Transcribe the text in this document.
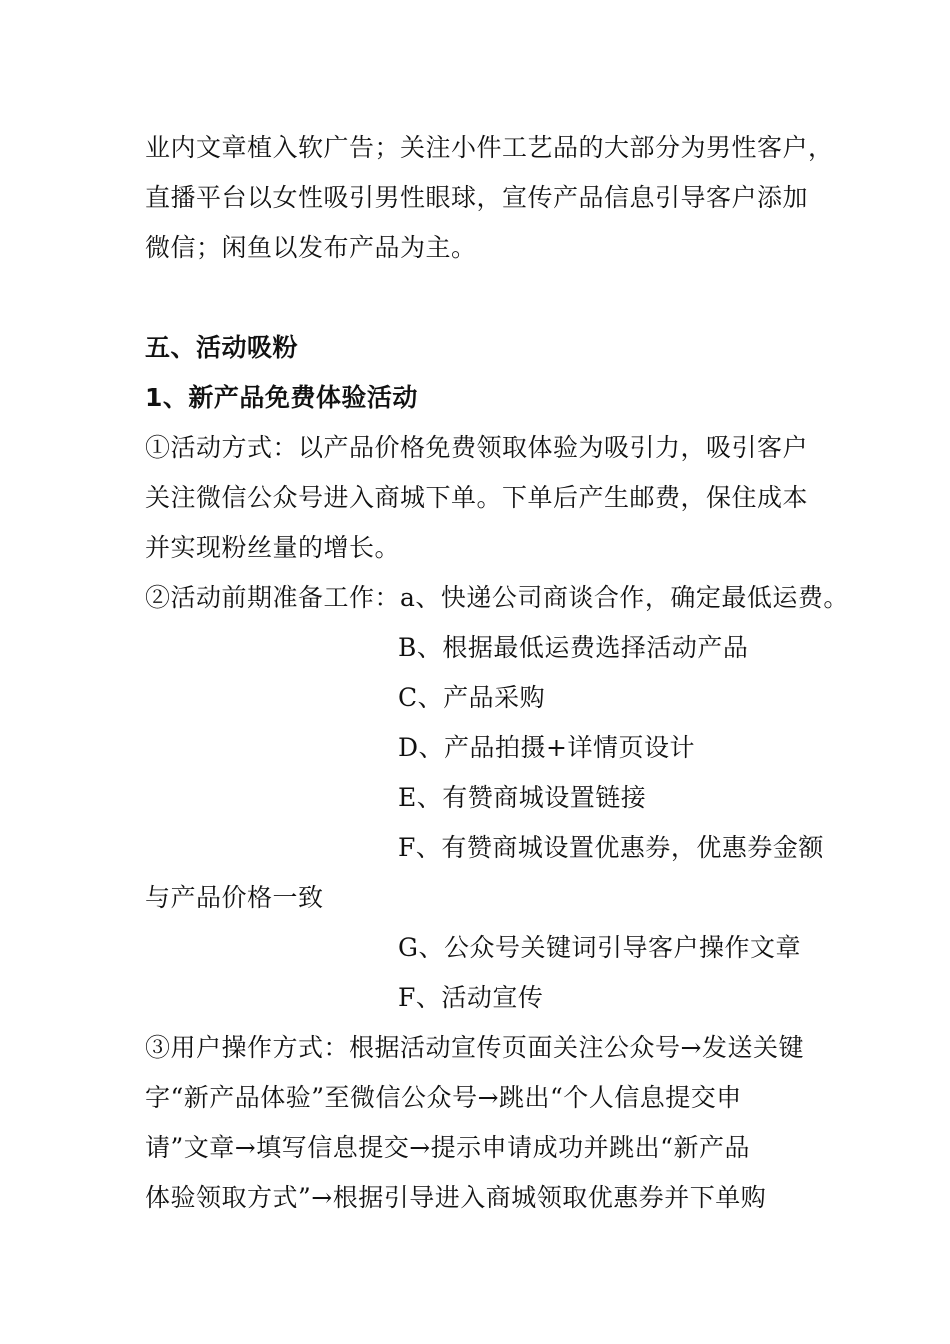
业内文章植入软广告；关注小件工艺品的大部分为男性客户，
直播平台以女性吸引男性眼球，宣传产品信息引导客户添加
微信；闲鱼以发布产品为主。
五、活动吸粉
1、新产品免费体验活动
①活动方式：以产品价格免费领取体验为吸引力，吸引客户
关注微信公众号进入商城下单。下单后产生邮费，保住成本
并实现粉丝量的增长。
②活动前期准备工作：a、快递公司商谈合作，确定最低运费。
B、根据最低运费选择活动产品
C、产品采购
D、产品拍摄+详情页设计
E、有赞商城设置链接
F、有赞商城设置优惠券，优惠券金额
与产品价格一致
G、公众号关键词引导客户操作文章
F、活动宣传
③用户操作方式：根据活动宣传页面关注公众号→发送关键
字“新产品体验”至微信公众号→跳出“个人信息提交申
请”文章→填写信息提交→提示申请成功并跳出“新产品
体验领取方式”→根据引导进入商城领取优惠券并下单购
